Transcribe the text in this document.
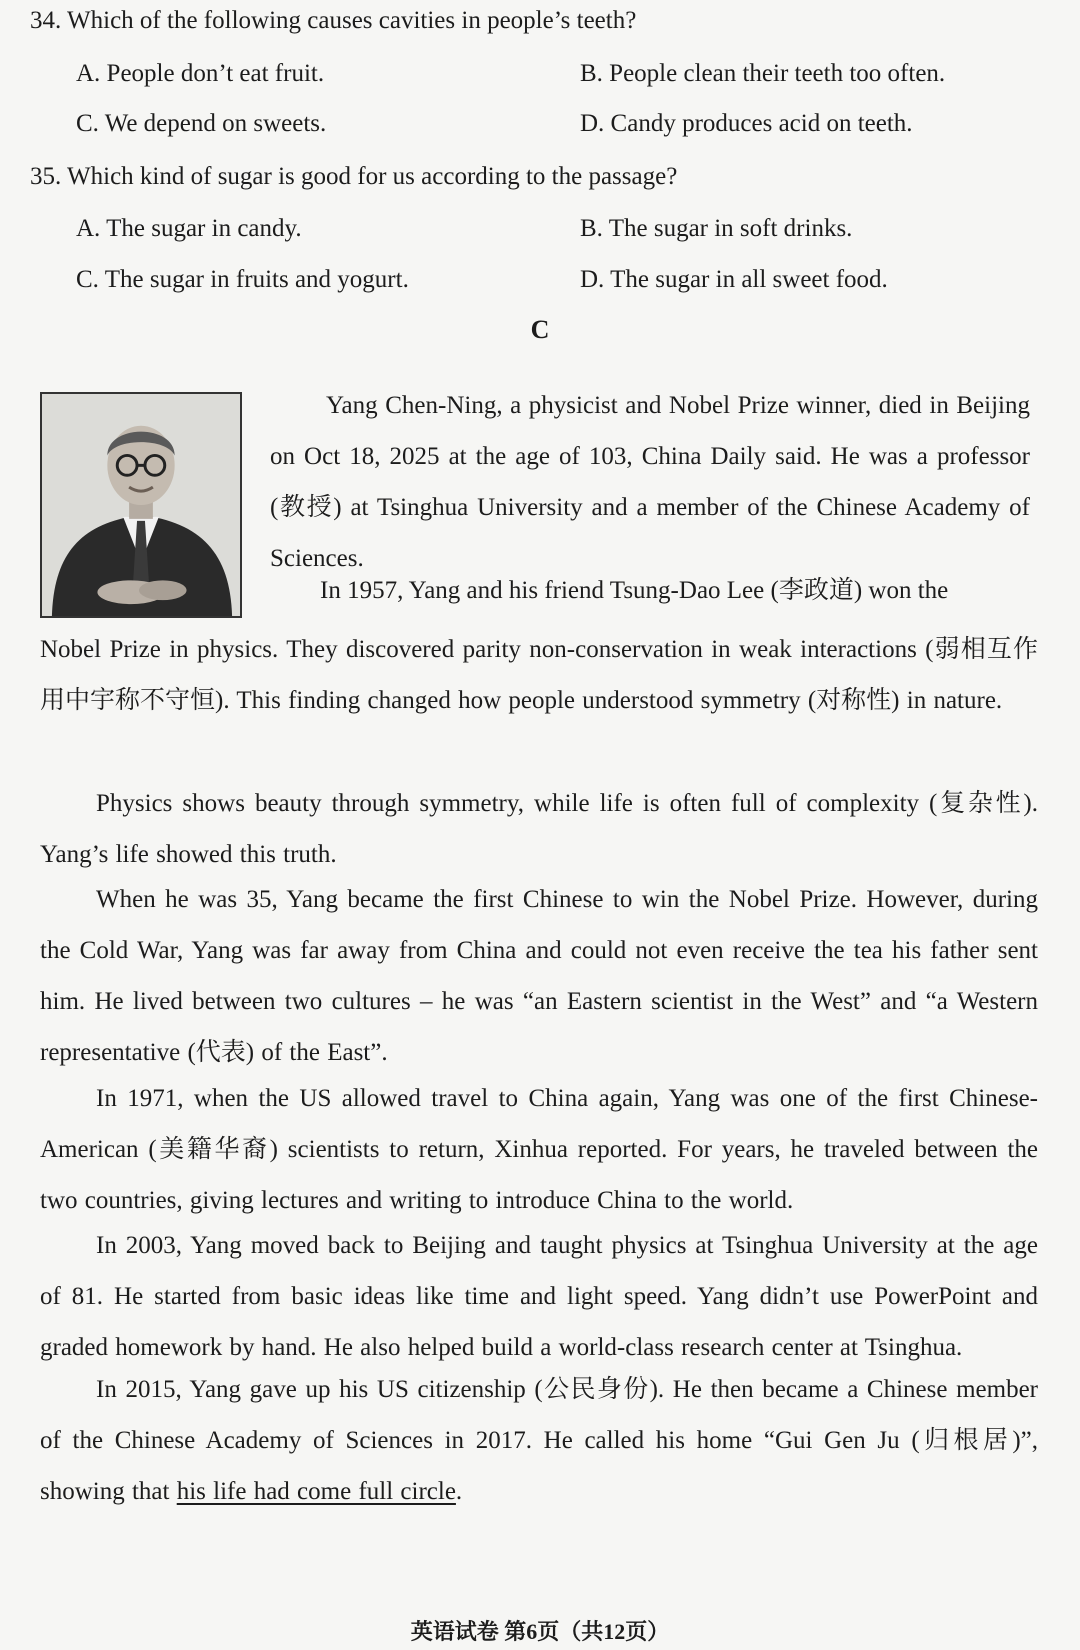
34. Which of the following causes cavities in people’s teeth?
A. People don’t eat fruit.	B. People clean their teeth too often.
C. We depend on sweets.	D. Candy produces acid on teeth.
35. Which kind of sugar is good for us according to the passage?
A. The sugar in candy.	B. The sugar in soft drinks.
C. The sugar in fruits and yogurt.	D. The sugar in all sweet food.
C
Yang Chen-Ning, a physicist and Nobel Prize winner, died in Beijing on Oct 18, 2025 at the age of 103, China Daily said. He was a professor (教授) at Tsinghua University and a member of the Chinese Academy of Sciences.
In 1957, Yang and his friend Tsung-Dao Lee (李政道) won the
Nobel Prize in physics. They discovered parity non-conservation in weak interactions (弱相互作用中宇称不守恒). This finding changed how people understood symmetry (对称性) in nature.
Physics shows beauty through symmetry, while life is often full of complexity (复杂性). Yang’s life showed this truth.
When he was 35, Yang became the first Chinese to win the Nobel Prize. However, during the Cold War, Yang was far away from China and could not even receive the tea his father sent him. He lived between two cultures – he was “an Eastern scientist in the West” and “a Western representative (代表) of the East”.
In 1971, when the US allowed travel to China again, Yang was one of the first Chinese-American (美籍华裔) scientists to return, Xinhua reported. For years, he traveled between the two countries, giving lectures and writing to introduce China to the world.
In 2003, Yang moved back to Beijing and taught physics at Tsinghua University at the age of 81. He started from basic ideas like time and light speed. Yang didn’t use PowerPoint and graded homework by hand. He also helped build a world-class research center at Tsinghua.
In 2015, Yang gave up his US citizenship (公民身份). He then became a Chinese member of the Chinese Academy of Sciences in 2017. He called his home “Gui Gen Ju (归根居)”, showing that his life had come full circle.
英语试卷 第6页（共12页）
